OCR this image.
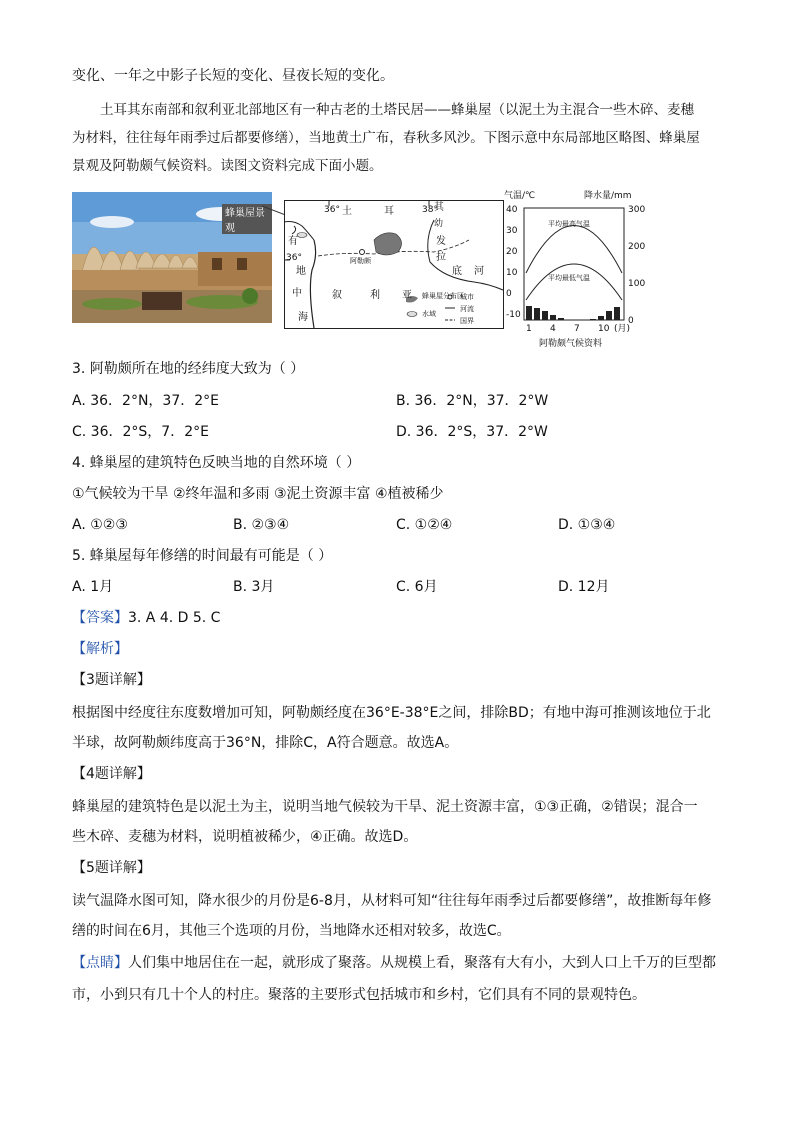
变化、一年之中影子长短的变化、昼夜长短的变化。
土耳其东南部和叙利亚北部地区有一种古老的土塔民居——蜂巢屋（以泥土为主混合一些木碎、麦穗
为材料，往往每年雨季过后都要修缮），当地黄土广布，春秋多风沙。下图示意中东局部地区略图、蜂巢屋
景观及阿勒颇气候资料。读图文资料完成下面小题。
蜂巢屋景观
蜂巢屋分布区
水域
城市
河流
国界
36°	38°
36°
土	耳	其
幼
发
拉
底 河
有
地
中
海
叙	利 亚
阿勒颇
气温/℃	降水量/mm
40
30
20
10
0
-10
300
200
100
0
1 4 7 10 (月)
平均最高气温
平均最低气温
阿勒颇气候资料
3. 阿勒颇所在地的经纬度大致为（ ）
A. 36．2°N，37．2°E	B. 36．2°N，37．2°W
C. 36．2°S，7．2°E	D. 36．2°S，37．2°W
4. 蜂巢屋的建筑特色反映当地的自然环境（ ）
①气候较为干旱 ②终年温和多雨 ③泥土资源丰富 ④植被稀少
A. ①②③	B. ②③④	C. ①②④	D. ①③④
5. 蜂巢屋每年修缮的时间最有可能是（ ）
A. 1月	B. 3月	C. 6月	D. 12月
【答案】3. A 4. D 5. C
【解析】
【3题详解】
根据图中经度往东度数增加可知，阿勒颇经度在36°E-38°E之间，排除BD；有地中海可推测该地位于北
半球，故阿勒颇纬度高于36°N，排除C，A符合题意。故选A。
【4题详解】
蜂巢屋的建筑特色是以泥土为主，说明当地气候较为干旱、泥土资源丰富，①③正确，②错误；混合一
些木碎、麦穗为材料，说明植被稀少，④正确。故选D。
【5题详解】
读气温降水图可知，降水很少的月份是6-8月，从材料可知“往往每年雨季过后都要修缮”，故推断每年修
缮的时间在6月，其他三个选项的月份，当地降水还相对较多，故选C。
【点睛】人们集中地居住在一起，就形成了聚落。从规模上看，聚落有大有小，大到人口上千万的巨型都
市，小到只有几十个人的村庄。聚落的主要形式包括城市和乡村，它们具有不同的景观特色。
